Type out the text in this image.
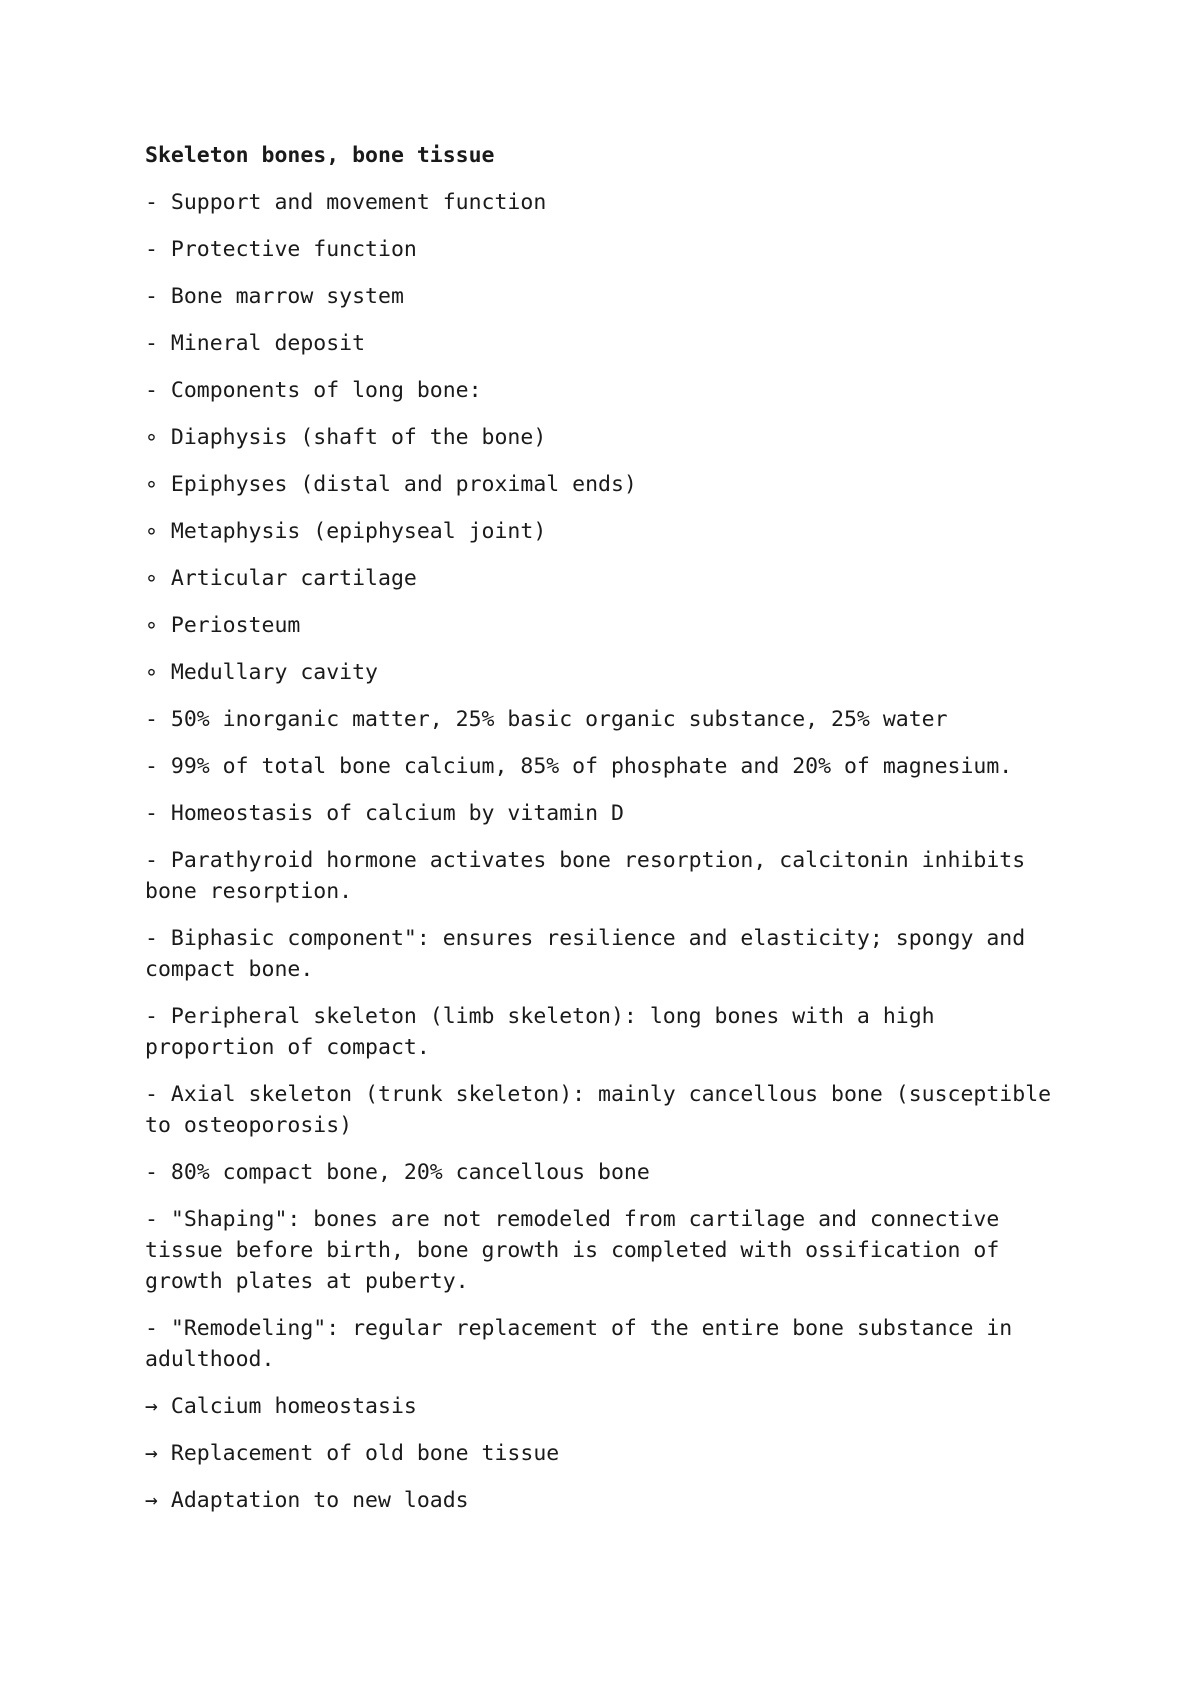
Skeleton bones, bone tissue
- Support and movement function
- Protective function
- Bone marrow system
- Mineral deposit
- Components of long bone:
∘ Diaphysis (shaft of the bone)
∘ Epiphyses (distal and proximal ends)
∘ Metaphysis (epiphyseal joint)
∘ Articular cartilage
∘ Periosteum
∘ Medullary cavity
- 50% inorganic matter, 25% basic organic substance, 25% water
- 99% of total bone calcium, 85% of phosphate and 20% of magnesium.
- Homeostasis of calcium by vitamin D
- Parathyroid hormone activates bone resorption, calcitonin inhibits bone resorption.
- Biphasic component": ensures resilience and elasticity; spongy and compact bone.
- Peripheral skeleton (limb skeleton): long bones with a high proportion of compact.
- Axial skeleton (trunk skeleton): mainly cancellous bone (susceptible to osteoporosis)
- 80% compact bone, 20% cancellous bone
- "Shaping": bones are not remodeled from cartilage and connective tissue before birth, bone growth is completed with ossification of growth plates at puberty.
- "Remodeling": regular replacement of the entire bone substance in adulthood.
→ Calcium homeostasis
→ Replacement of old bone tissue
→ Adaptation to new loads
